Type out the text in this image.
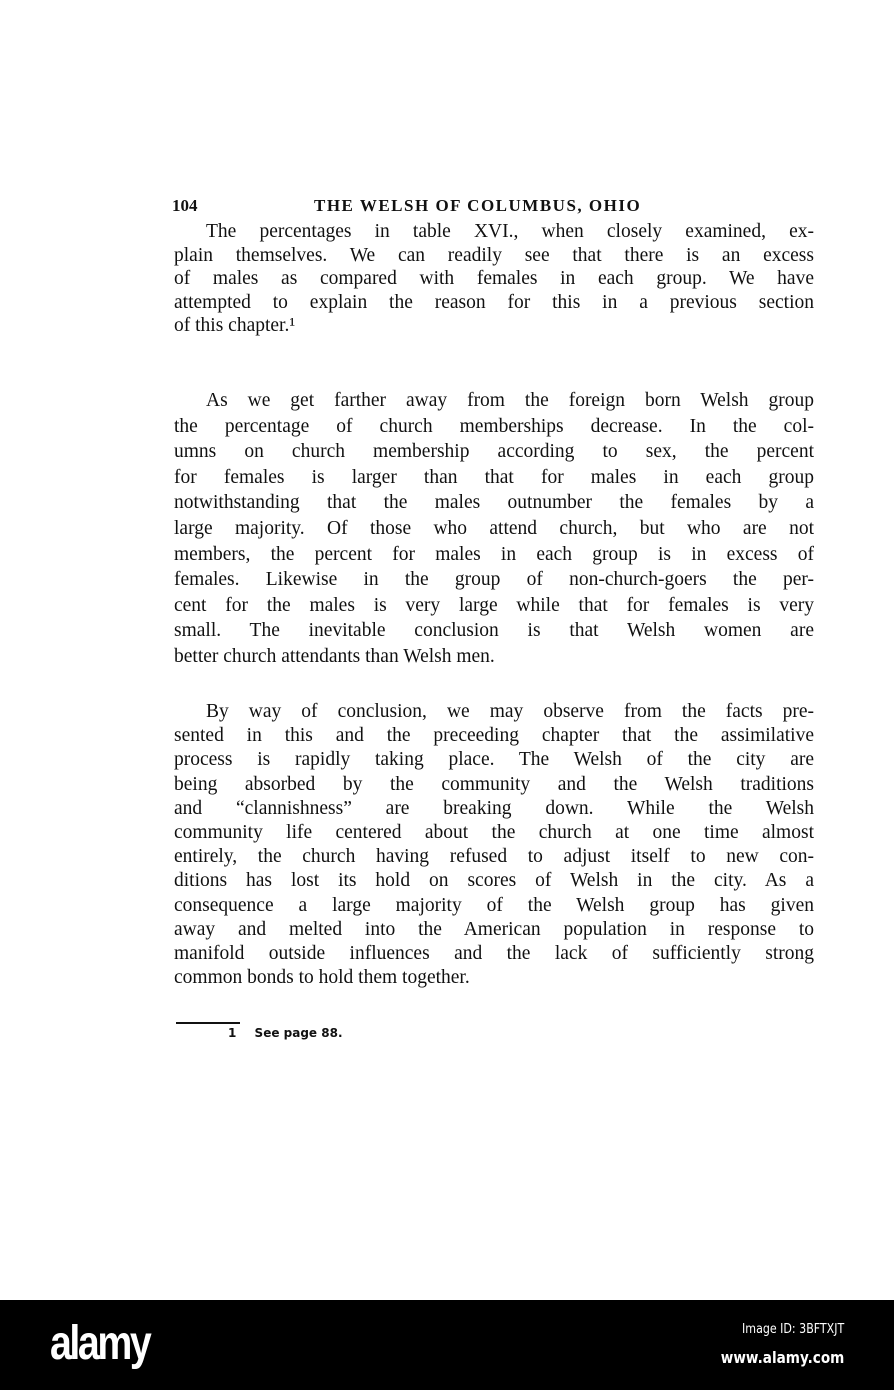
104	THE WELSH OF COLUMBUS, OHIO
The percentages in table XVI., when closely examined, ex-
plain themselves. We can readily see that there is an excess
of males as compared with females in each group. We have
attempted to explain the reason for this in a previous section
of this chapter.¹
As we get farther away from the foreign born Welsh group
the percentage of church memberships decrease. In the col-
umns on church membership according to sex, the percent
for females is larger than that for males in each group
notwithstanding that the males outnumber the females by a
large majority. Of those who attend church, but who are not
members, the percent for males in each group is in excess of
females. Likewise in the group of non-church-goers the per-
cent for the males is very large while that for females is very
small. The inevitable conclusion is that Welsh women are
better church attendants than Welsh men.
By way of conclusion, we may observe from the facts pre-
sented in this and the preceeding chapter that the assimilative
process is rapidly taking place. The Welsh of the city are
being absorbed by the community and the Welsh traditions
and “clannishness” are breaking down. While the Welsh
community life centered about the church at one time almost
entirely, the church having refused to adjust itself to new con-
ditions has lost its hold on scores of Welsh in the city. As a
consequence a large majority of the Welsh group has given
away and melted into the American population in response to
manifold outside influences and the lack of sufficiently strong
common bonds to hold them together.
1 See page 88.
alamy	Image ID: 3BFTXJT
www.alamy.com
